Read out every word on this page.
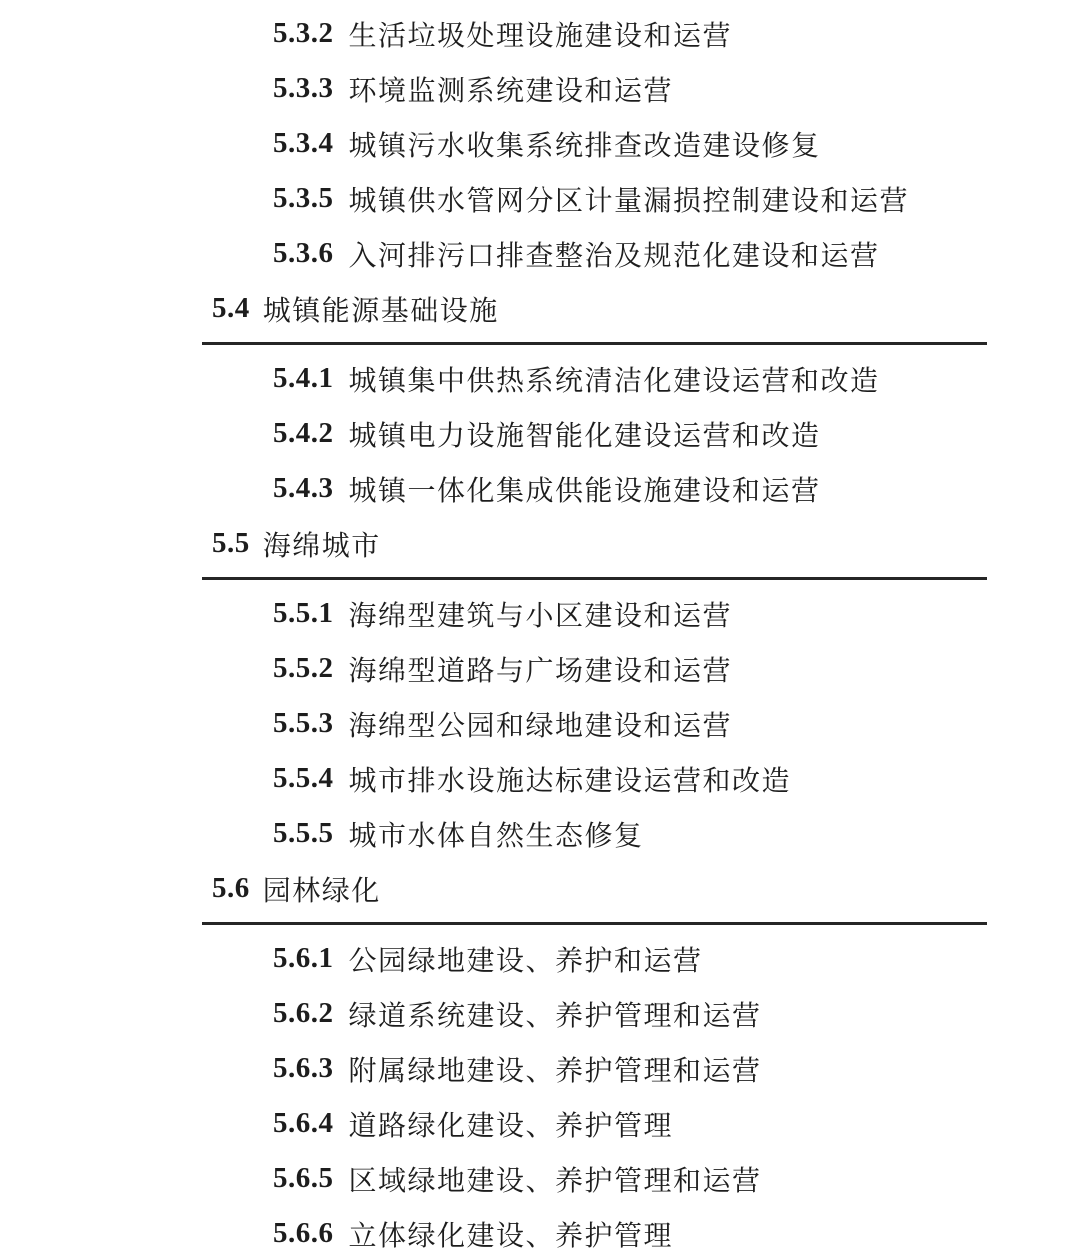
5.3.2 生活垃圾处理设施建设和运营
5.3.3 环境监测系统建设和运营
5.3.4 城镇污水收集系统排查改造建设修复
5.3.5 城镇供水管网分区计量漏损控制建设和运营
5.3.6 入河排污口排查整治及规范化建设和运营
5.4 城镇能源基础设施
5.4.1 城镇集中供热系统清洁化建设运营和改造
5.4.2 城镇电力设施智能化建设运营和改造
5.4.3 城镇一体化集成供能设施建设和运营
5.5 海绵城市
5.5.1 海绵型建筑与小区建设和运营
5.5.2 海绵型道路与广场建设和运营
5.5.3 海绵型公园和绿地建设和运营
5.5.4 城市排水设施达标建设运营和改造
5.5.5 城市水体自然生态修复
5.6 园林绿化
5.6.1 公园绿地建设、养护和运营
5.6.2 绿道系统建设、养护管理和运营
5.6.3 附属绿地建设、养护管理和运营
5.6.4 道路绿化建设、养护管理
5.6.5 区域绿地建设、养护管理和运营
5.6.6 立体绿化建设、养护管理
